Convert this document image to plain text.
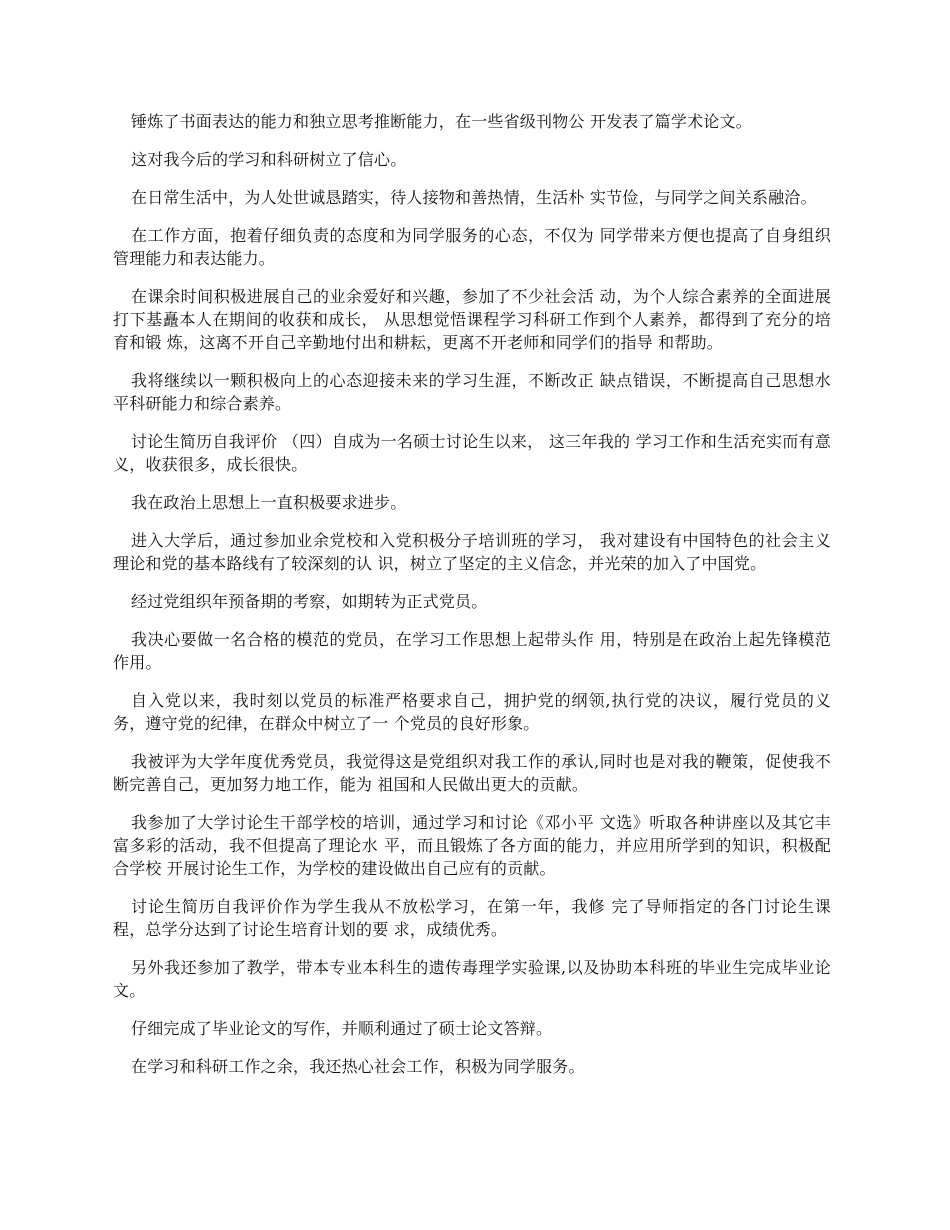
锤炼了书面表达的能力和独立思考推断能力，在一些省级刊物公 开发表了篇学术论文。

这对我今后的学习和科研树立了信心。

在日常生活中，为人处世诚恳踏实，待人接物和善热情，生活朴 实节俭，与同学之间关系融洽。

在工作方面，抱着仔细负责的态度和为同学服务的心态，不仅为 同学带来方便也提高了自身组织管理能力和表达能力。

在课余时间积极进展自己的业余爱好和兴趣，参加了不少社会活 动，为个人综合素养的全面进展打下基矗本人在期间的收获和成长， 从思想觉悟课程学习科研工作到个人素养，都得到了充分的培育和锻 炼，这离不开自己辛勤地付出和耕耘，更离不开老师和同学们的指导 和帮助。

我将继续以一颗积极向上的心态迎接未来的学习生涯，不断改正 缺点错误，不断提高自己思想水平科研能力和综合素养。

讨论生简历自我评价 （四）自成为一名硕士讨论生以来， 这三年我的 学习工作和生活充实而有意义，收获很多，成长很快。

我在政治上思想上一直积极要求进步。

进入大学后，通过参加业余党校和入党积极分子培训班的学习， 我对建设有中国特色的社会主义理论和党的基本路线有了较深刻的认 识，树立了坚定的主义信念，并光荣的加入了中国党。

经过党组织年预备期的考察，如期转为正式党员。

我决心要做一名合格的模范的党员，在学习工作思想上起带头作 用，特别是在政治上起先锋模范作用。

自入党以来，我时刻以党员的标准严格要求自己，拥护党的纲领,执行党的决议，履行党员的义务，遵守党的纪律，在群众中树立了一 个党员的良好形象。

我被评为大学年度优秀党员，我觉得这是党组织对我工作的承认,同时也是对我的鞭策，促使我不断完善自己，更加努力地工作，能为 祖国和人民做出更大的贡献。

我参加了大学讨论生干部学校的培训，通过学习和讨论《邓小平 文选》听取各种讲座以及其它丰富多彩的活动，我不但提高了理论水 平，而且锻炼了各方面的能力，并应用所学到的知识，积极配合学校 开展讨论生工作，为学校的建设做出自己应有的贡献。

讨论生简历自我评价作为学生我从不放松学习，在第一年，我修 完了导师指定的各门讨论生课程，总学分达到了讨论生培育计划的要 求，成绩优秀。

另外我还参加了教学，带本专业本科生的遗传毒理学实验课,以及协助本科班的毕业生完成毕业论文。

仔细完成了毕业论文的写作，并顺利通过了硕士论文答辩。

在学习和科研工作之余，我还热心社会工作，积极为同学服务。
